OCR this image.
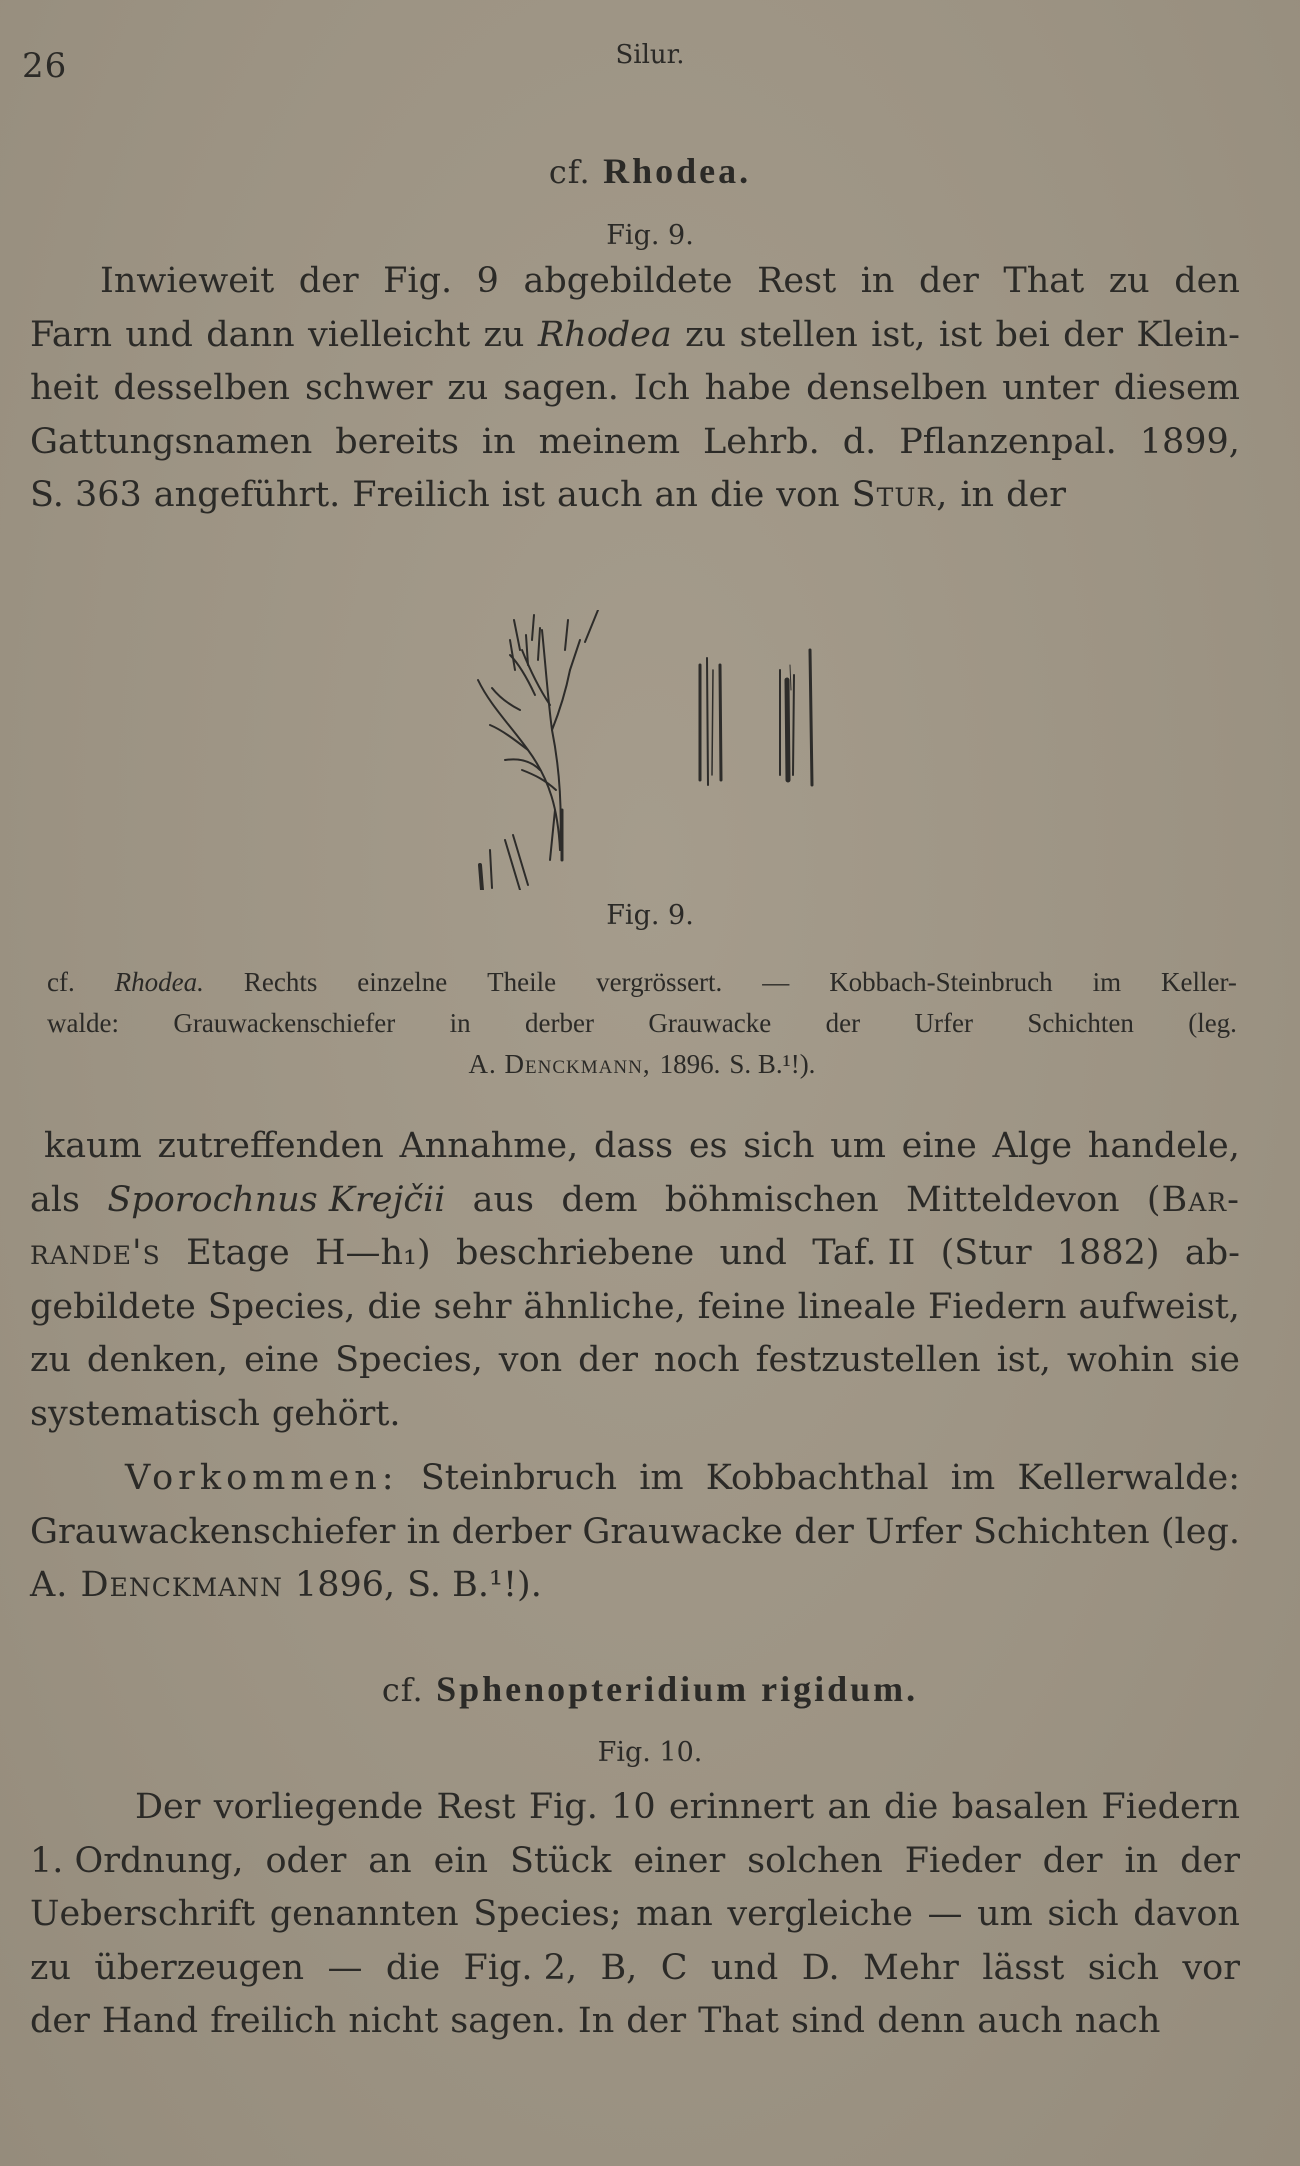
26	Silur.
cf. Rhodea.
Fig. 9.
Inwieweit der Fig. 9 abgebildete Rest in der That zu den
Farn und dann vielleicht zu Rhodea zu stellen ist, ist bei der Klein-
heit desselben schwer zu sagen. Ich habe denselben unter diesem
Gattungsnamen bereits in meinem Lehrb. d. Pflanzenpal. 1899,
S. 363 angeführt. Freilich ist auch an die von Stur, in der
Fig. 9.
cf. Rhodea. Rechts einzelne Theile vergrössert. — Kobbach-Steinbruch im Keller-
walde: Grauwackenschiefer in derber Grauwacke der Urfer Schichten (leg.
A. Denckmann, 1896. S. B.¹!).
kaum zutreffenden Annahme, dass es sich um eine Alge handele,
als Sporochnus Krejčii aus dem böhmischen Mitteldevon (Bar-
rande's Etage H—h₁) beschriebene und Taf. II (Stur 1882) ab-
gebildete Species, die sehr ähnliche, feine lineale Fiedern aufweist,
zu denken, eine Species, von der noch festzustellen ist, wohin sie
systematisch gehört.
Vorkommen: Steinbruch im Kobbachthal im Kellerwalde:
Grauwackenschiefer in derber Grauwacke der Urfer Schichten (leg.
A. Denckmann 1896, S. B.¹!).
cf. Sphenopteridium rigidum.
Fig. 10.
Der vorliegende Rest Fig. 10 erinnert an die basalen Fiedern
1. Ordnung, oder an ein Stück einer solchen Fieder der in der
Ueberschrift genannten Species; man vergleiche — um sich davon
zu überzeugen — die Fig. 2, B, C und D. Mehr lässt sich vor
der Hand freilich nicht sagen. In der That sind denn auch nach
